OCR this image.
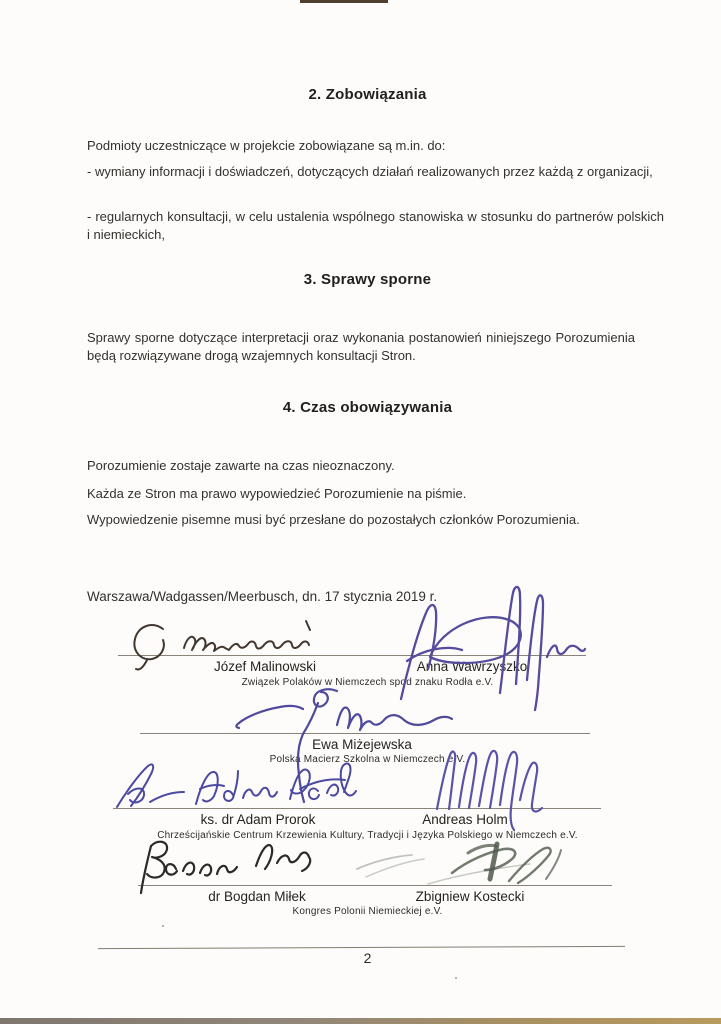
2. Zobowiązania
Podmioty uczestniczące w projekcie zobowiązane są m.in. do:
- wymiany informacji i doświadczeń, dotyczących działań realizowanych przez każdą z organizacji,
- regularnych konsultacji, w celu ustalenia wspólnego stanowiska w stosunku do partnerów polskich i niemieckich,
3. Sprawy sporne
Sprawy sporne dotyczące interpretacji oraz wykonania postanowień niniejszego Porozumienia będą rozwiązywane drogą wzajemnych konsultacji Stron.
4. Czas obowiązywania
Porozumienie zostaje zawarte na czas nieoznaczony.
Każda ze Stron ma prawo wypowiedzieć Porozumienie na piśmie.
Wypowiedzenie pisemne musi być przesłane do pozostałych członków Porozumienia.
Warszawa/Wadgassen/Meerbusch, dn. 17 stycznia 2019 r.
Józef Malinowski	Anna Wawrzyszko
Związek Polaków w Niemczech spod znaku Rodła e.V.
Ewa Miżejewska
Polska Macierz Szkolna w Niemczech e.V.
ks. dr Adam Prorok	Andreas Holm
Chrześcijańskie Centrum Krzewienia Kultury, Tradycji i Języka Polskiego w Niemczech e.V.
dr Bogdan Miłek	Zbigniew Kostecki
Kongres Polonii Niemieckiej e.V.
2
